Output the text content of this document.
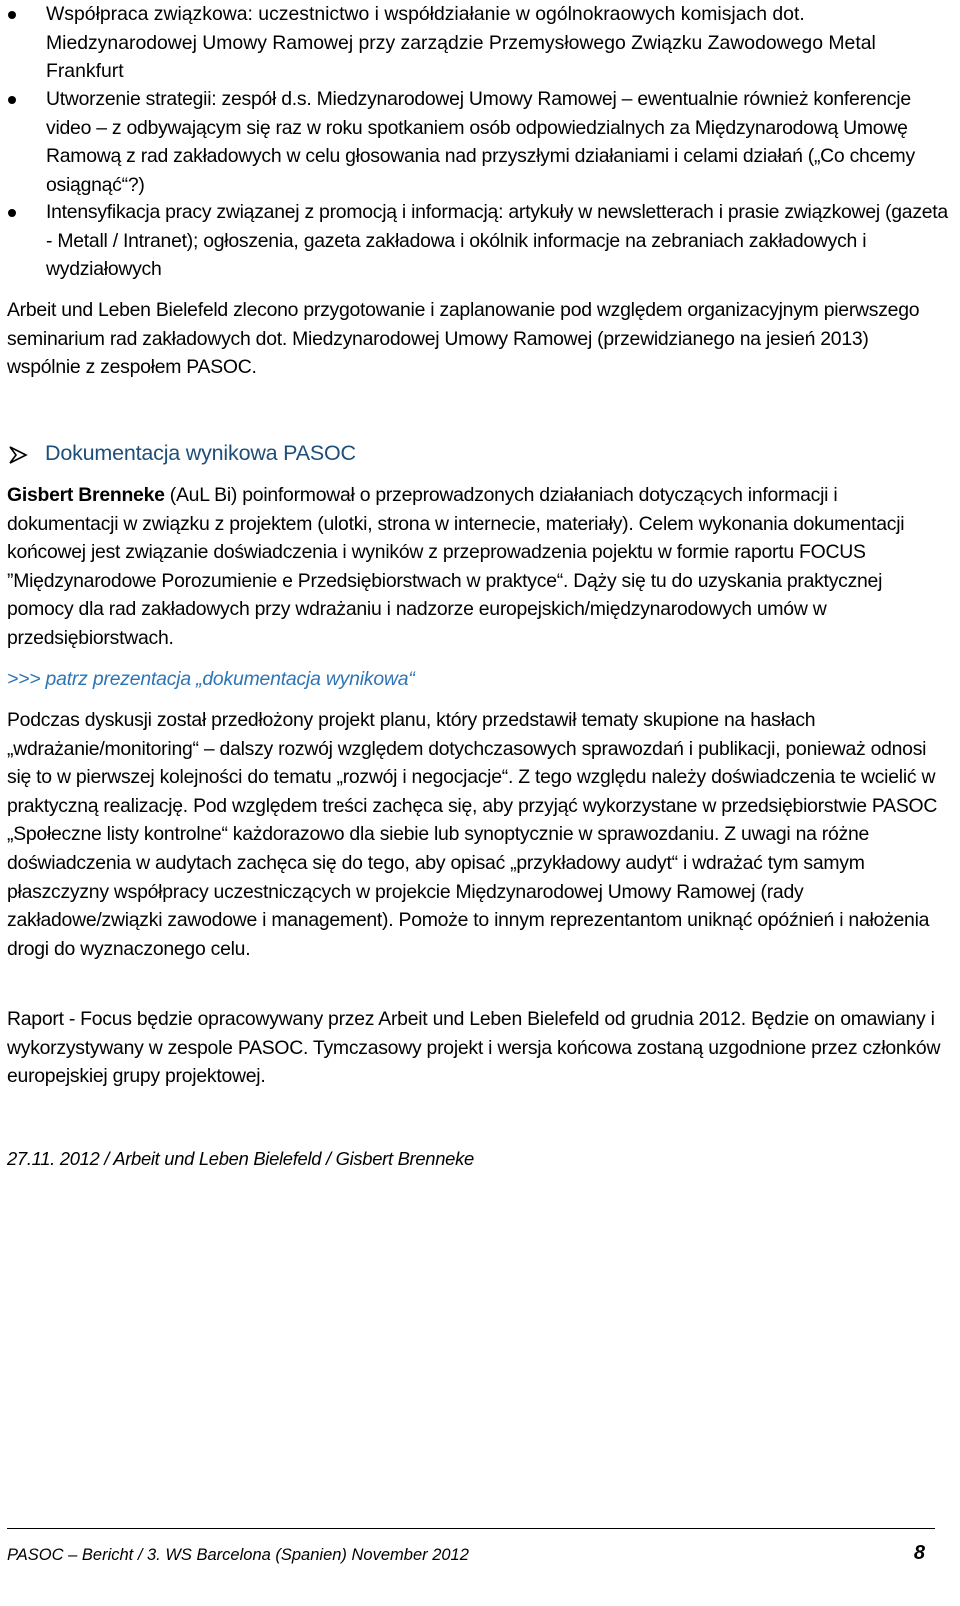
Współpraca związkowa: uczestnictwo i współdziałanie w ogólnokraowych komisjach dot. Miedzynarodowej Umowy Ramowej przy zarządzie Przemysłowego Związku Zawodowego Metal Frankfurt
Utworzenie strategii: zespół d.s. Miedzynarodowej Umowy Ramowej – ewentualnie również konferencje video – z odbywającym się raz w roku spotkaniem osób odpowiedzialnych za Międzynarodową Umowę Ramową z rad zakładowych w celu głosowania nad przyszłymi działaniami i celami działań („Co chcemy osiągnąć“?)
Intensyfikacja pracy związanej z promocją i informacją: artykuły w newsletterach i prasie związkowej (gazeta - Metall / Intranet); ogłoszenia, gazeta zakładowa i okólnik informacje na zebraniach zakładowych i wydziałowych
Arbeit und Leben Bielefeld zlecono przygotowanie i zaplanowanie pod względem organizacyjnym pierwszego seminarium rad zakładowych dot. Miedzynarodowej Umowy Ramowej (przewidzianego na jesień 2013) wspólnie z zespołem PASOC.
Dokumentacja wynikowa PASOC
Gisbert Brenneke (AuL Bi) poinformował o przeprowadzonych działaniach dotyczących informacji i dokumentacji w związku z projektem (ulotki, strona w internecie, materiały). Celem wykonania dokumentacji końcowej jest związanie doświadczenia i wyników z przeprowadzenia pojektu w formie raportu FOCUS ”Międzynarodowe Porozumienie e Przedsiębiorstwach w praktyce“. Dąży się tu do uzyskania praktycznej pomocy dla rad zakładowych przy wdrażaniu i nadzorze europejskich/międzynarodowych umów w przedsiębiorstwach.
>>> patrz prezentacja „dokumentacja wynikowa“
Podczas dyskusji został przedłożony projekt planu, który przedstawił tematy skupione na hasłach „wdrażanie/monitoring“ – dalszy rozwój względem dotychczasowych sprawozdań i publikacji, ponieważ odnosi się to w pierwszej kolejności do tematu „rozwój i negocjacje“. Z tego względu należy doświadczenia te wcielić w praktyczną realizację. Pod względem treści zachęca się, aby przyjąć wykorzystane w przedsiębiorstwie PASOC „Społeczne listy kontrolne“ każdorazowo dla siebie lub synoptycznie w sprawozdaniu. Z uwagi na różne doświadczenia w audytach zachęca się do tego, aby opisać „przykładowy audyt“ i wdrażać tym samym płaszczyzny współpracy uczestniczących w projekcie Międzynarodowej Umowy Ramowej (rady zakładowe/związki zawodowe i management). Pomoże to innym reprezentantom uniknąć opóźnień i nałożenia drogi do wyznaczonego celu.
Raport - Focus będzie opracowywany przez Arbeit und Leben Bielefeld od grudnia 2012. Będzie on omawiany i wykorzystywany w zespole PASOC. Tymczasowy projekt i wersja końcowa zostaną uzgodnione przez członków europejskiej grupy projektowej.
27.11. 2012 / Arbeit und Leben Bielefeld / Gisbert Brenneke
PASOC – Bericht / 3. WS Barcelona (Spanien) November 2012	8
